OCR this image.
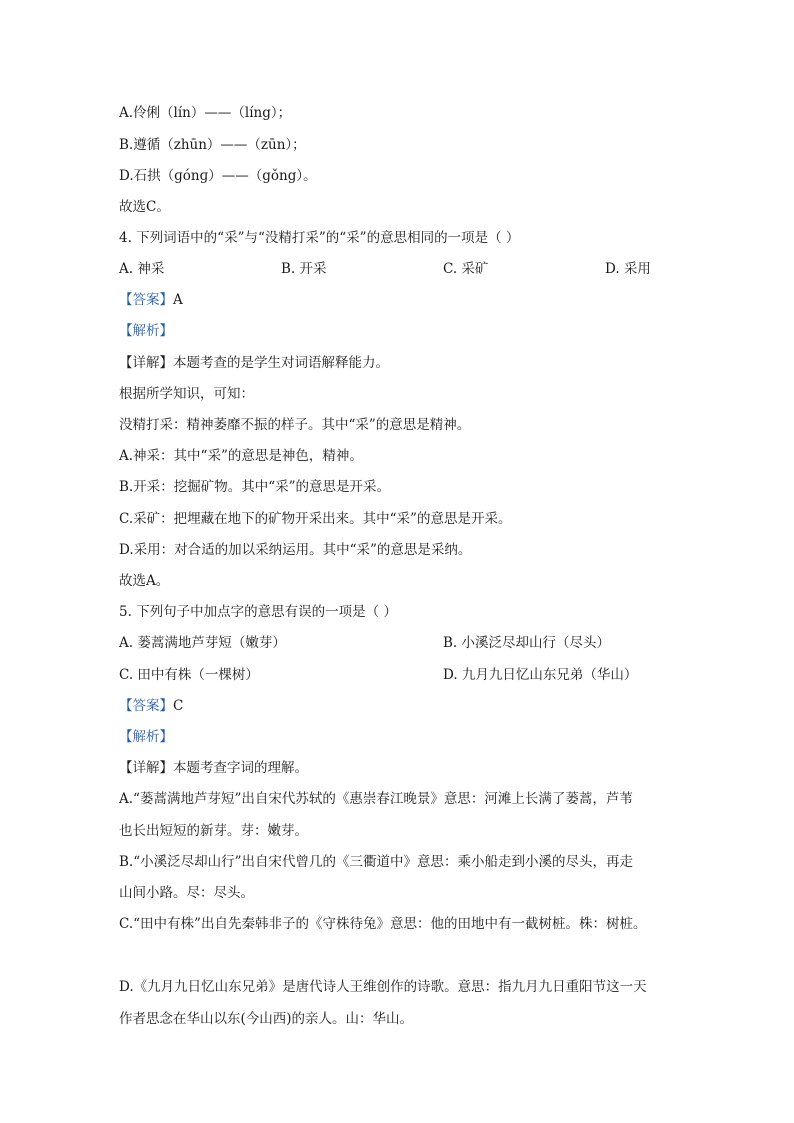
A.伶俐（lín）——（líng）；
B.遵循（zhūn）——（zūn）；
D.石拱（ɡónɡ）——（gǒng）。
故选C。
4. 下列词语中的“采”与“没精打采”的“采”的意思相同的一项是（ ）
A. 神采	B. 开采	C. 采矿	D. 采用
【答案】A
【解析】
【详解】本题考查的是学生对词语解释能力。
根据所学知识，可知：
没精打采：精神萎靡不振的样子。其中“采”的意思是精神。
A.神采：其中“采”的意思是神色，精神。
B.开采：挖掘矿物。其中“采”的意思是开采。
C.采矿：把埋藏在地下的矿物开采出来。其中“采”的意思是开采。
D.采用：对合适的加以采纳运用。其中“采”的意思是采纳。
故选A。
5. 下列句子中加点字的意思有误的一项是（ ）
A. 蒌蒿满地芦芽短（嫩芽）	B. 小溪泛尽却山行（尽头）
C. 田中有株（一棵树）	D. 九月九日忆山东兄弟（华山）
【答案】C
【解析】
【详解】本题考查字词的理解。
A.“蒌蒿满地芦芽短”出自宋代苏轼的《惠崇春江晚景》意思：河滩上长满了蒌蒿，芦苇
也长出短短的新芽。芽：嫩芽。
B.“小溪泛尽却山行”出自宋代曾几的《三衢道中》意思：乘小船走到小溪的尽头，再走
山间小路。尽：尽头。
C.“田中有株”出自先秦韩非子的《守株待兔》意思：他的田地中有一截树桩。株：树桩。
D.《九月九日忆山东兄弟》是唐代诗人王维创作的诗歌。意思：指九月九日重阳节这一天
作者思念在华山以东(今山西)的亲人。山：华山。
